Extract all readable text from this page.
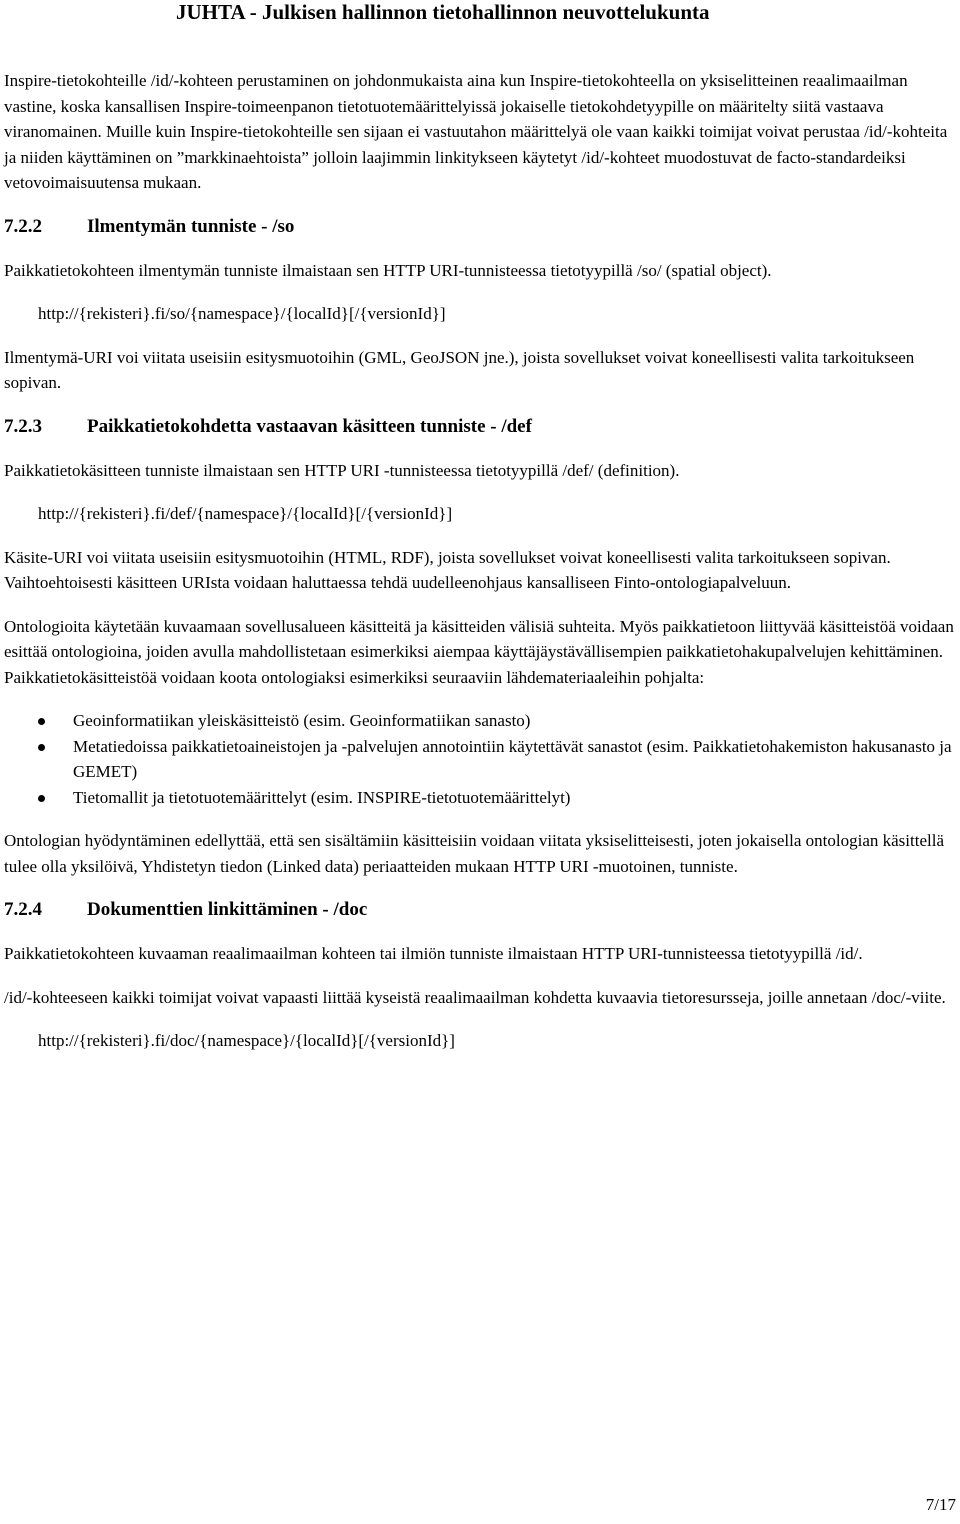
JUHTA - Julkisen hallinnon tietohallinnon neuvottelukunta

Inspire-tietokohteille /id/-kohteen perustaminen on johdonmukaista aina kun Inspire-tietokohteella on yksiselitteinen reaalimaailman vastine, koska kansallisen Inspire-toimeenpanon tietotuotemäärittelyissä jokaiselle tietokohdetyypille on määritelty siitä vastaava viranomainen. Muille kuin Inspire-tietokohteille sen sijaan ei vastuutahon määrittelyä ole vaan kaikki toimijat voivat perustaa /id/-kohteita ja niiden käyttäminen on ”markkinaehtoista” jolloin laajimmin linkitykseen käytetyt /id/-kohteet muodostuvat de facto-standardeiksi vetovoimaisuutensa mukaan.

7.2.2 Ilmentymän tunniste - /so

Paikkatietokohteen ilmentymän tunniste ilmaistaan sen HTTP URI-tunnisteessa tietotyypillä /so/ (spatial object).

http://{rekisteri}.fi/so/{namespace}/{localId}[/{versionId}]

Ilmentymä-URI voi viitata useisiin esitysmuotoihin (GML, GeoJSON jne.), joista sovellukset voivat koneellisesti valita tarkoitukseen sopivan.

7.2.3 Paikkatietokohdetta vastaavan käsitteen tunniste - /def

Paikkatietokäsitteen tunniste ilmaistaan sen HTTP URI -tunnisteessa tietotyypillä /def/ (definition).

http://{rekisteri}.fi/def/{namespace}/{localId}[/{versionId}]

Käsite-URI voi viitata useisiin esitysmuotoihin (HTML, RDF), joista sovellukset voivat koneellisesti valita tarkoitukseen sopivan. Vaihtoehtoisesti käsitteen URIsta voidaan haluttaessa tehdä uudelleenohjaus kansalliseen Finto-ontologiapalveluun.

Ontologioita käytetään kuvaamaan sovellusalueen käsitteitä ja käsitteiden välisiä suhteita. Myös paikkatietoon liittyvää käsitteistöä voidaan esittää ontologioina, joiden avulla mahdollistetaan esimerkiksi aiempaa käyttäjäystävällisempien paikkatietohakupalvelujen kehittäminen. Paikkatietokäsitteistöä voidaan koota ontologiaksi esimerkiksi seuraaviin lähdemateriaaleihin pohjalta:

Geoinformatiikan yleiskäsitteistö (esim. Geoinformatiikan sanasto)
Metatiedoissa paikkatietoaineistojen ja -palvelujen annotointiin käytettävät sanastot (esim. Paikkatietohakemiston hakusanasto ja GEMET)
Tietomallit ja tietotuotemäärittelyt (esim. INSPIRE-tietotuotemäärittelyt)

Ontologian hyödyntäminen edellyttää, että sen sisältämiin käsitteisiin voidaan viitata yksiselitteisesti, joten jokaisella ontologian käsittellä tulee olla yksilöivä, Yhdistetyn tiedon (Linked data) periaatteiden mukaan HTTP URI -muotoinen, tunniste.

7.2.4 Dokumenttien linkittäminen - /doc

Paikkatietokohteen kuvaaman reaalimaailman kohteen tai ilmiön tunniste ilmaistaan HTTP URI-tunnisteessa tietotyypillä /id/.

/id/-kohteeseen kaikki toimijat voivat vapaasti liittää kyseistä reaalimaailman kohdetta kuvaavia tietoresursseja, joille annetaan /doc/-viite.

http://{rekisteri}.fi/doc/{namespace}/{localId}[/{versionId}]

7/17
